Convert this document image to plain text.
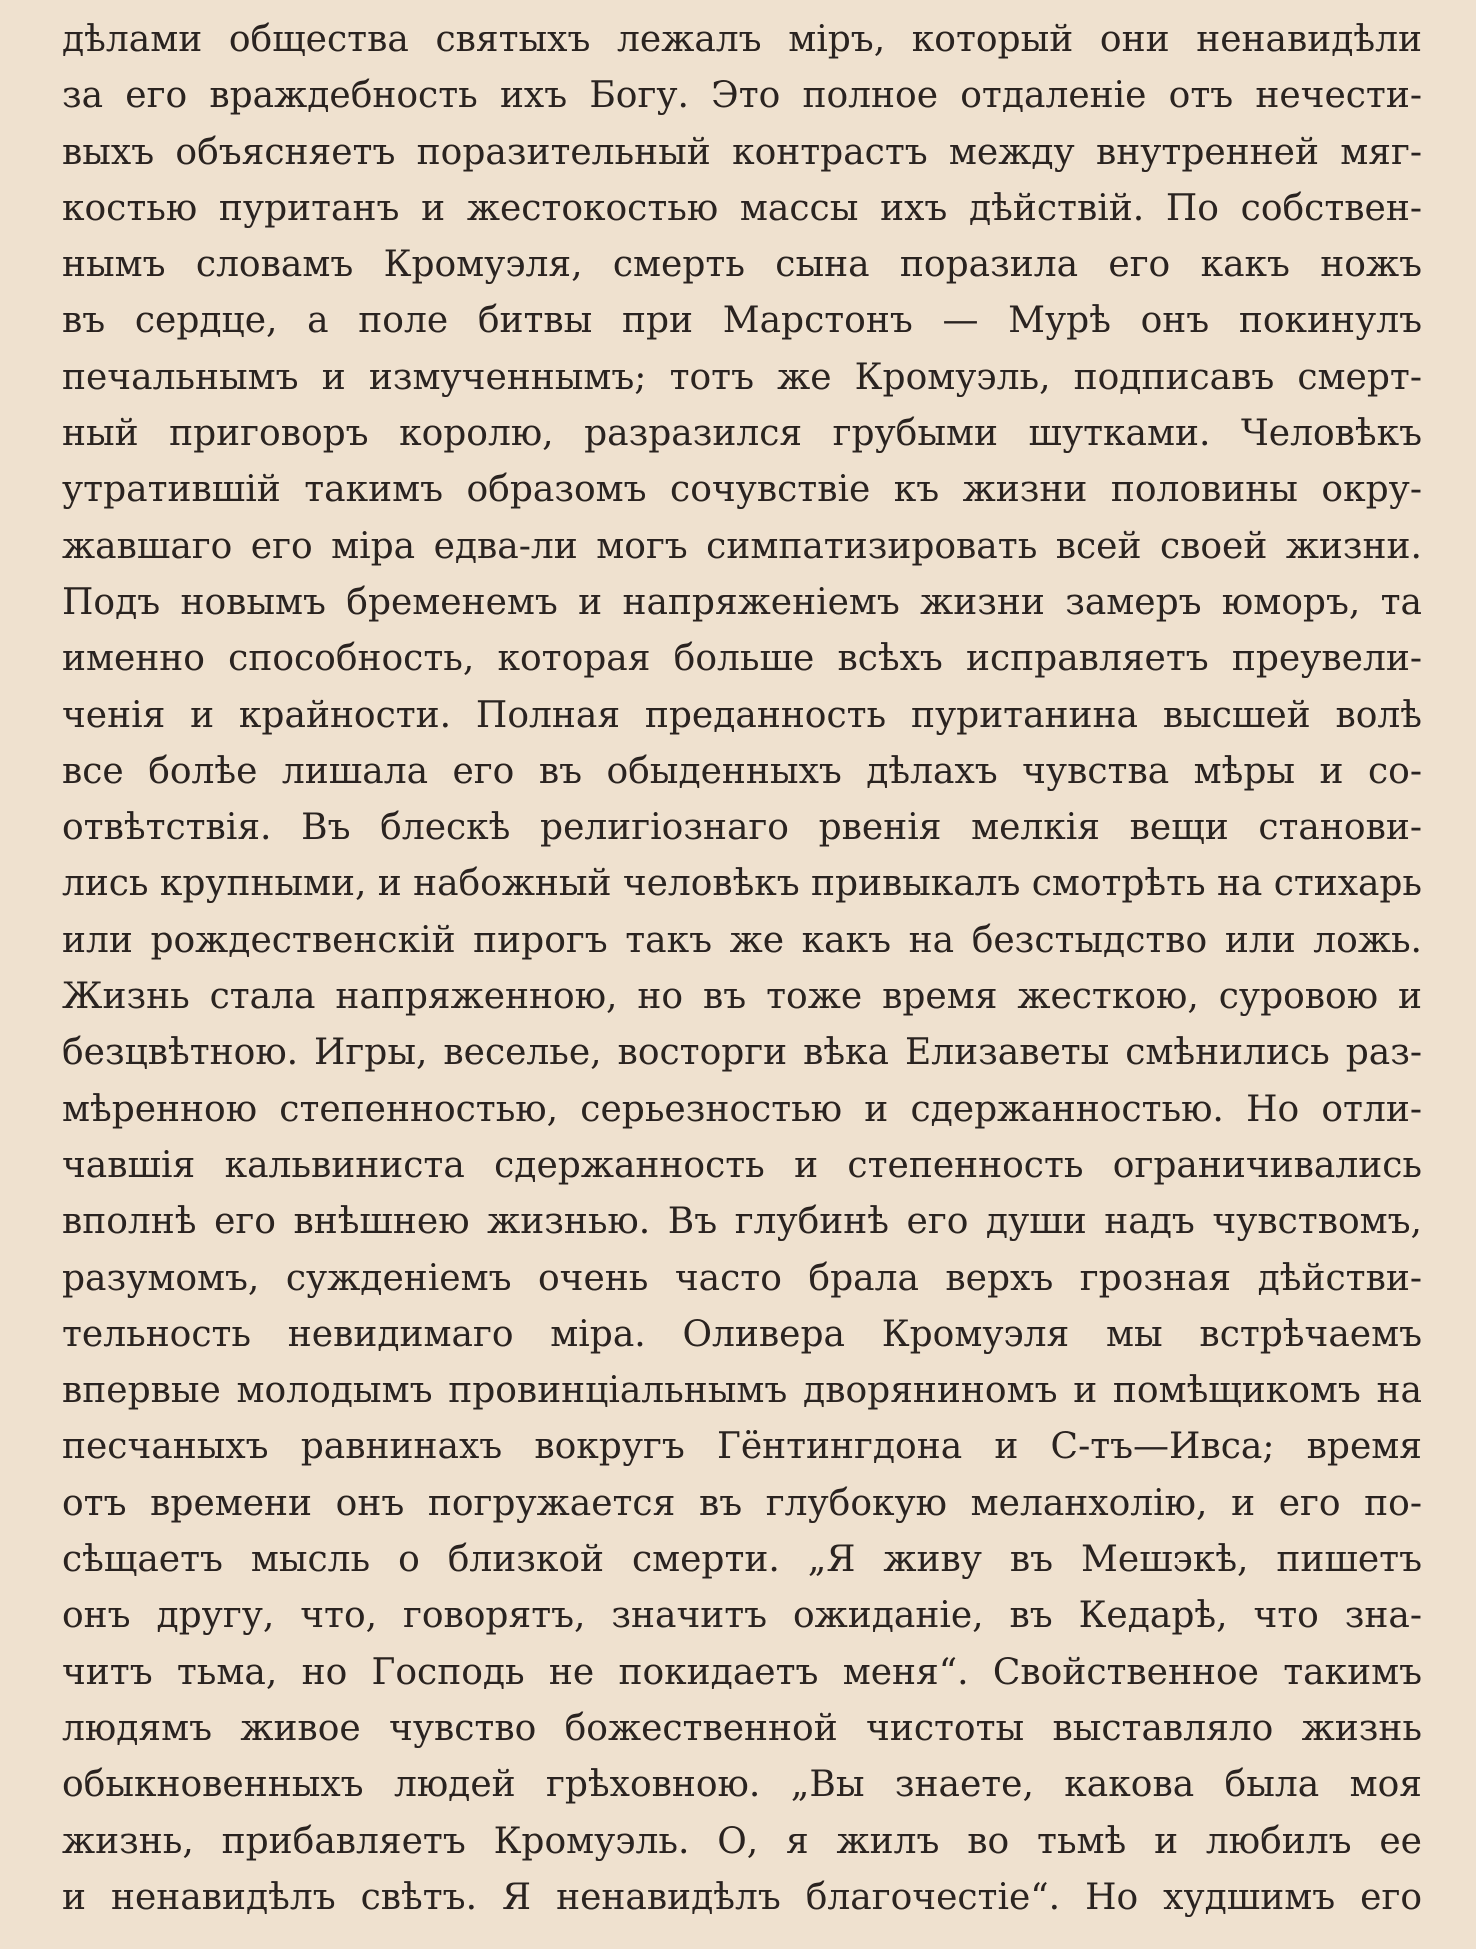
дѣлами общества святыхъ лежалъ міръ, который они ненавидѣли
за его враждебность ихъ Богу. Это полное отдаленіе отъ нечести-
выхъ объясняетъ поразительный контрастъ между внутренней мяг-
костью пуританъ и жестокостью массы ихъ дѣйствій. По собствен-
нымъ словамъ Кромуэля, смерть сына поразила его какъ ножъ
въ сердце, а поле битвы при Марстонъ — Мурѣ онъ покинулъ
печальнымъ и измученнымъ; тотъ же Кромуэль, подписавъ смерт-
ный приговоръ королю, разразился грубыми шутками. Человѣкъ
утратившій такимъ образомъ сочувствіе къ жизни половины окру-
жавшаго его міра едва-ли могъ симпатизировать всей своей жизни.
Подъ новымъ бременемъ и напряженіемъ жизни замеръ юморъ, та
именно способность, которая больше всѣхъ исправляетъ преувели-
ченія и крайности. Полная преданность пуританина высшей волѣ
все болѣе лишала его въ обыденныхъ дѣлахъ чувства мѣры и со-
отвѣтствія. Въ блескѣ религіознаго рвенія мелкія вещи станови-
лись крупными, и набожный человѣкъ привыкалъ смотрѣть на стихарь
или рождественскій пирогъ такъ же какъ на безстыдство или ложь.
Жизнь стала напряженною, но въ тоже время жесткою, суровою и
безцвѣтною. Игры, веселье, восторги вѣка Елизаветы смѣнились раз-
мѣренною степенностью, серьезностью и сдержанностью. Но отли-
чавшія кальвиниста сдержанность и степенность ограничивались
вполнѣ его внѣшнею жизнью. Въ глубинѣ его души надъ чувствомъ,
разумомъ, сужденіемъ очень часто брала верхъ грозная дѣйстви-
тельность невидимаго міра. Оливера Кромуэля мы встрѣчаемъ
впервые молодымъ провинціальнымъ дворяниномъ и помѣщикомъ на
песчаныхъ равнинахъ вокругъ Гёнтингдона и С-тъ—Ивса; время
отъ времени онъ погружается въ глубокую меланхолію, и его по-
сѣщаетъ мысль о близкой смерти. „Я живу въ Мешэкѣ, пишетъ
онъ другу, что, говорятъ, значитъ ожиданіе, въ Кедарѣ, что зна-
читъ тьма, но Господь не покидаетъ меня“. Свойственное такимъ
людямъ живое чувство божественной чистоты выставляло жизнь
обыкновенныхъ людей грѣховною. „Вы знаете, какова была моя
жизнь, прибавляетъ Кромуэль. О, я жилъ во тьмѣ и любилъ ее
и ненавидѣлъ свѣтъ. Я ненавидѣлъ благочестіе“. Но худшимъ его
